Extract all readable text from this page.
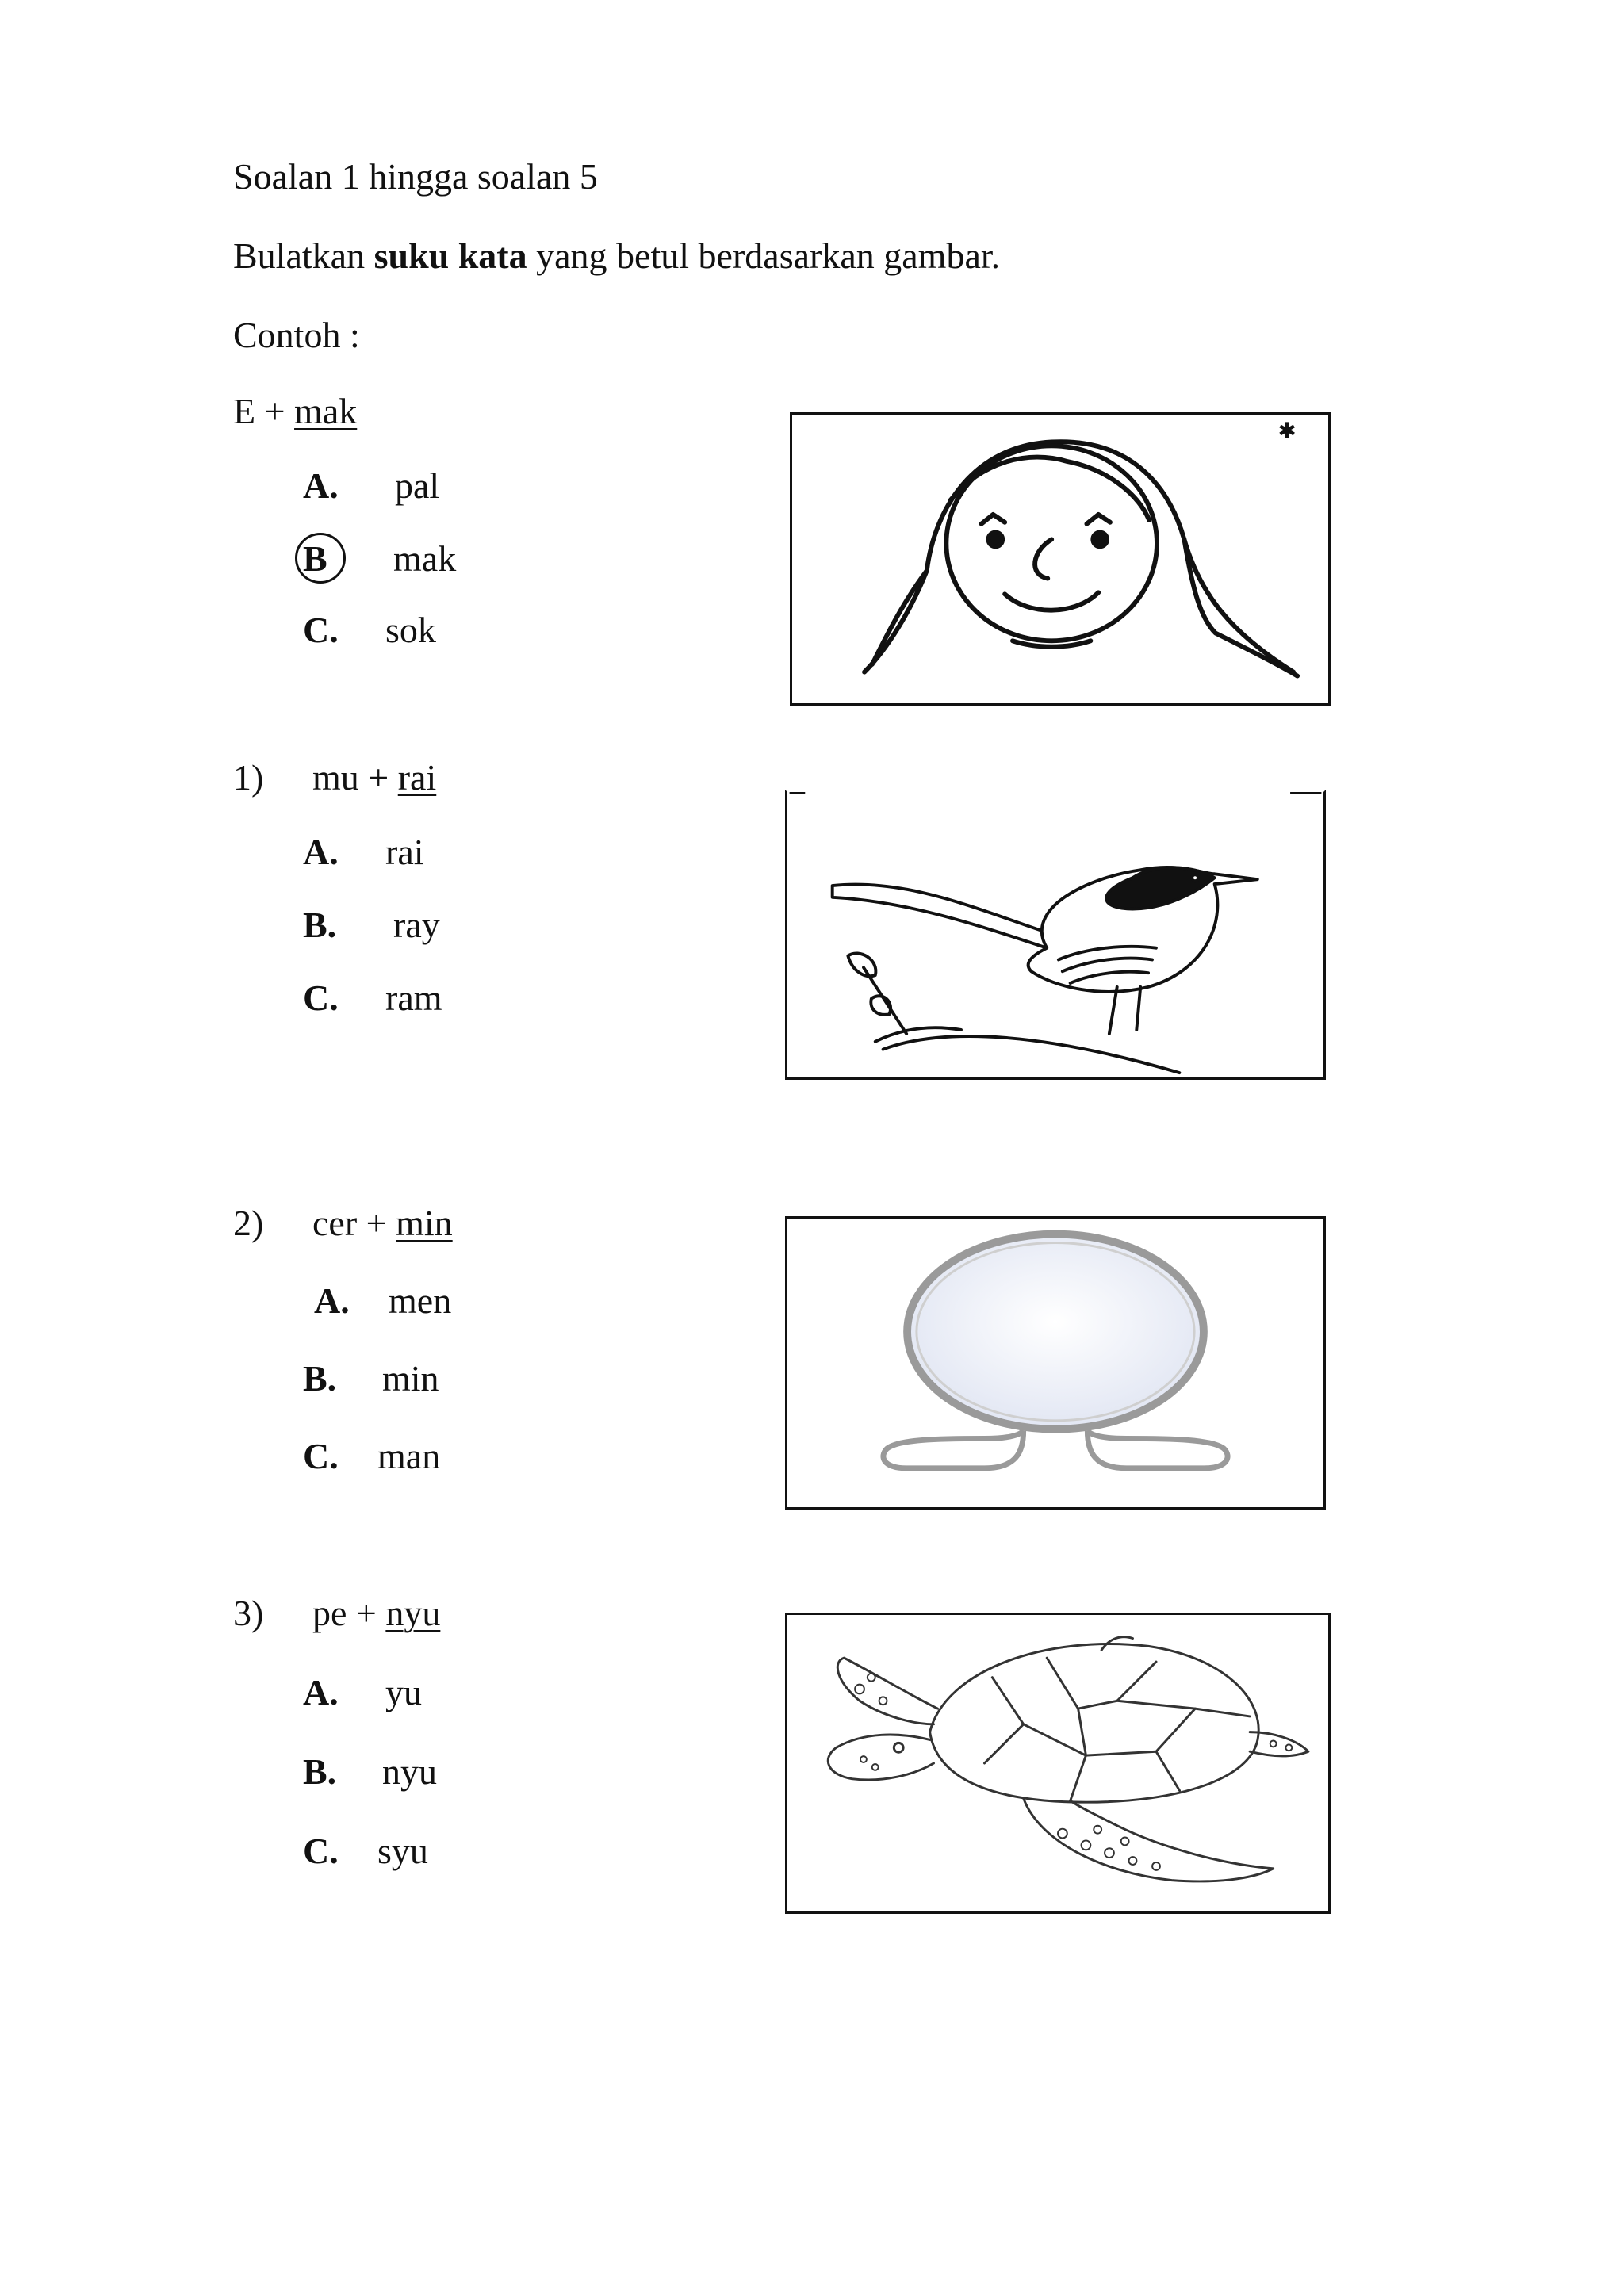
Soalan 1 hingga soalan 5
Bulatkan suku kata yang betul berdasarkan gambar.
Contoh :
E + mak
A. pal
B mak
C. sok
✱
1) mu + rai
A. rai
B. ray
C. ram
2) cer + min
A. men
B. min
C. man
3) pe + nyu
A. yu
B. nyu
C. syu
